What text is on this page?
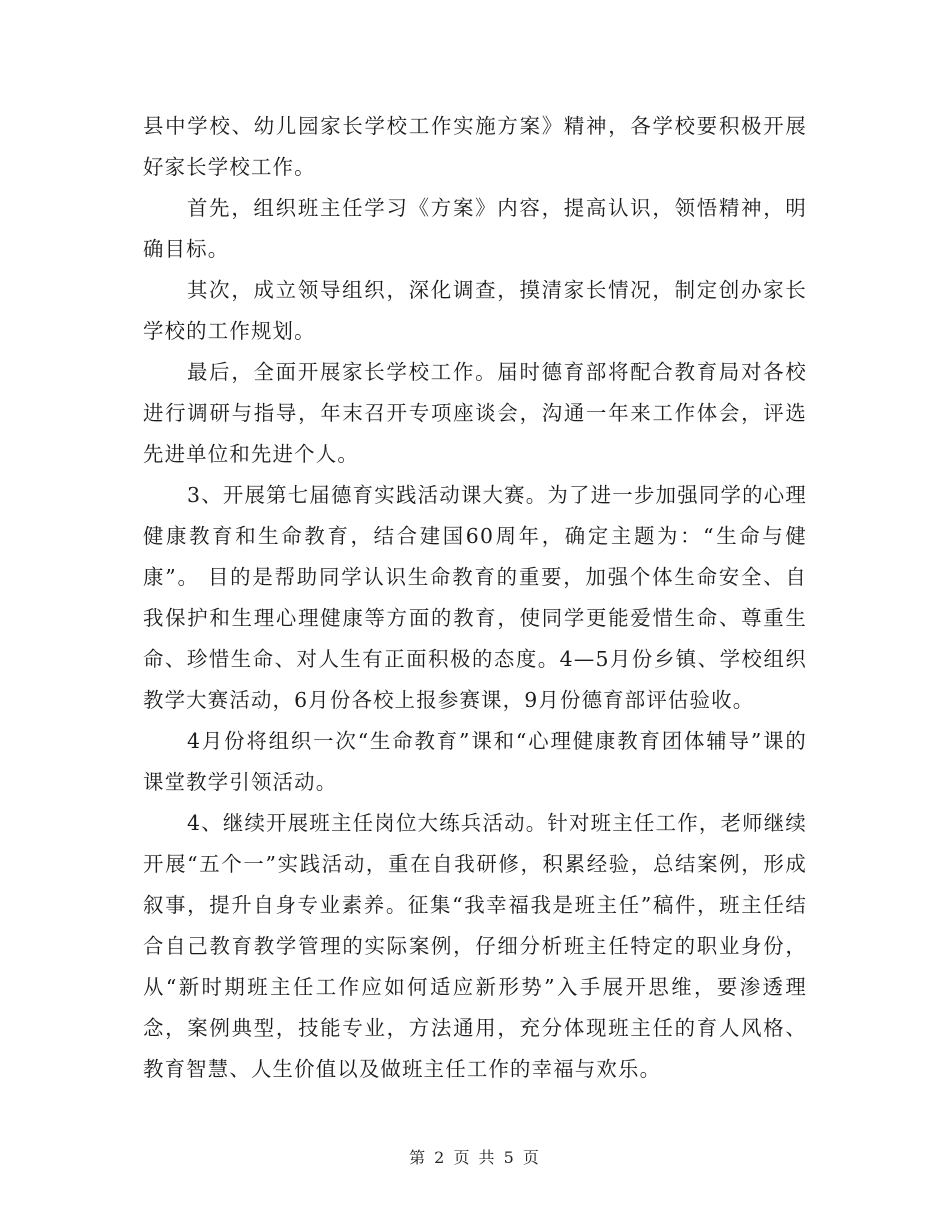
县中学校、幼儿园家长学校工作实施方案》精神，各学校要积极开展好家长学校工作。

首先，组织班主任学习《方案》内容，提高认识，领悟精神，明确目标。

其次，成立领导组织，深化调查，摸清家长情况，制定创办家长学校的工作规划。

最后，全面开展家长学校工作。届时德育部将配合教育局对各校进行调研与指导，年末召开专项座谈会，沟通一年来工作体会，评选先进单位和先进个人。

3、开展第七届德育实践活动课大赛。为了进一步加强同学的心理健康教育和生命教育，结合建国60周年，确定主题为：“生命与健康”。 目的是帮助同学认识生命教育的重要，加强个体生命安全、自我保护和生理心理健康等方面的教育，使同学更能爱惜生命、尊重生命、珍惜生命、对人生有正面积极的态度。4—5月份乡镇、学校组织教学大赛活动，6月份各校上报参赛课，9月份德育部评估验收。

4月份将组织一次“生命教育”课和“心理健康教育团体辅导”课的课堂教学引领活动。

4、继续开展班主任岗位大练兵活动。针对班主任工作，老师继续开展“五个一”实践活动，重在自我研修，积累经验，总结案例，形成叙事，提升自身专业素养。征集“我幸福我是班主任”稿件，班主任结合自己教育教学管理的实际案例，仔细分析班主任特定的职业身份，从“新时期班主任工作应如何适应新形势”入手展开思维，要渗透理念，案例典型，技能专业，方法通用，充分体现班主任的育人风格、教育智慧、人生价值以及做班主任工作的幸福与欢乐。

第 2 页 共 5 页
